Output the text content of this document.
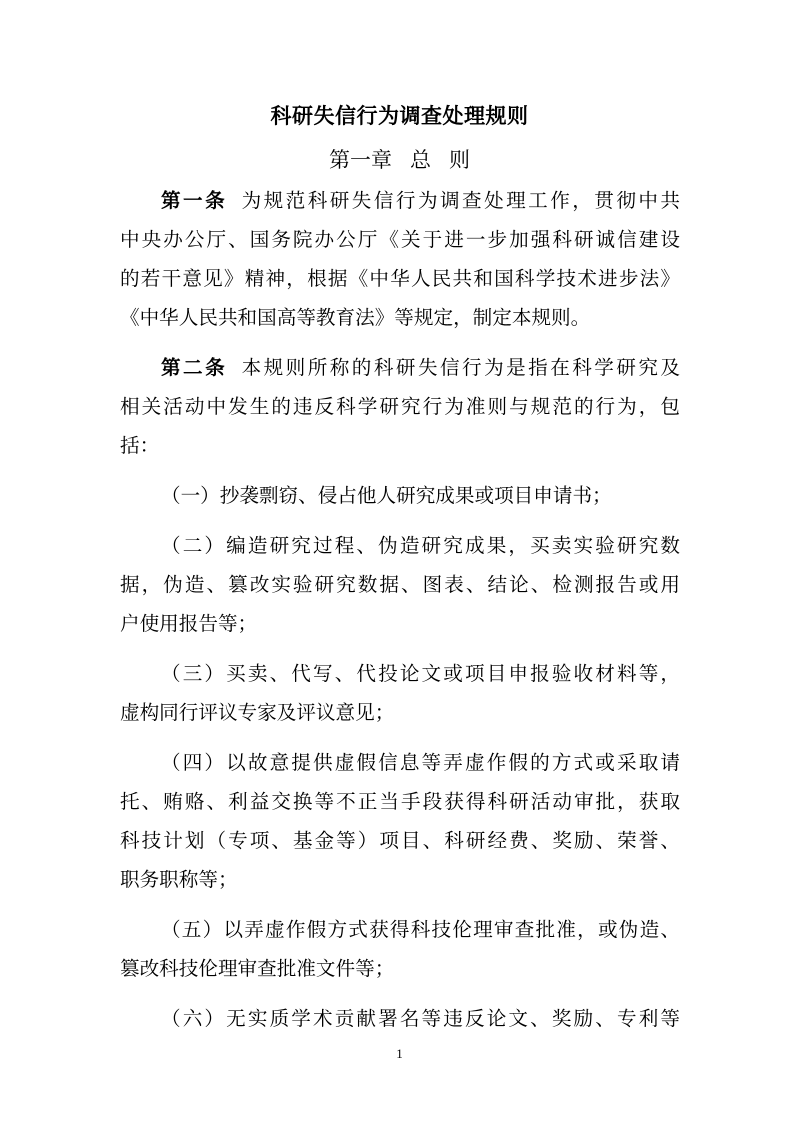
科研失信行为调查处理规则
第一章 总 则
第一条 为规范科研失信行为调查处理工作，贯彻中共
中央办公厅、国务院办公厅《关于进一步加强科研诚信建设
的若干意见》精神，根据《中华人民共和国科学技术进步法》
《中华人民共和国高等教育法》等规定，制定本规则。
第二条 本规则所称的科研失信行为是指在科学研究及
相关活动中发生的违反科学研究行为准则与规范的行为，包
括：
（一）抄袭剽窃、侵占他人研究成果或项目申请书；
（二）编造研究过程、伪造研究成果，买卖实验研究数
据，伪造、篡改实验研究数据、图表、结论、检测报告或用
户使用报告等；
（三）买卖、代写、代投论文或项目申报验收材料等，
虚构同行评议专家及评议意见；
（四）以故意提供虚假信息等弄虚作假的方式或采取请
托、贿赂、利益交换等不正当手段获得科研活动审批，获取
科技计划（专项、基金等）项目、科研经费、奖励、荣誉、
职务职称等；
（五）以弄虚作假方式获得科技伦理审查批准，或伪造、
篡改科技伦理审查批准文件等；
（六）无实质学术贡献署名等违反论文、奖励、专利等
1
